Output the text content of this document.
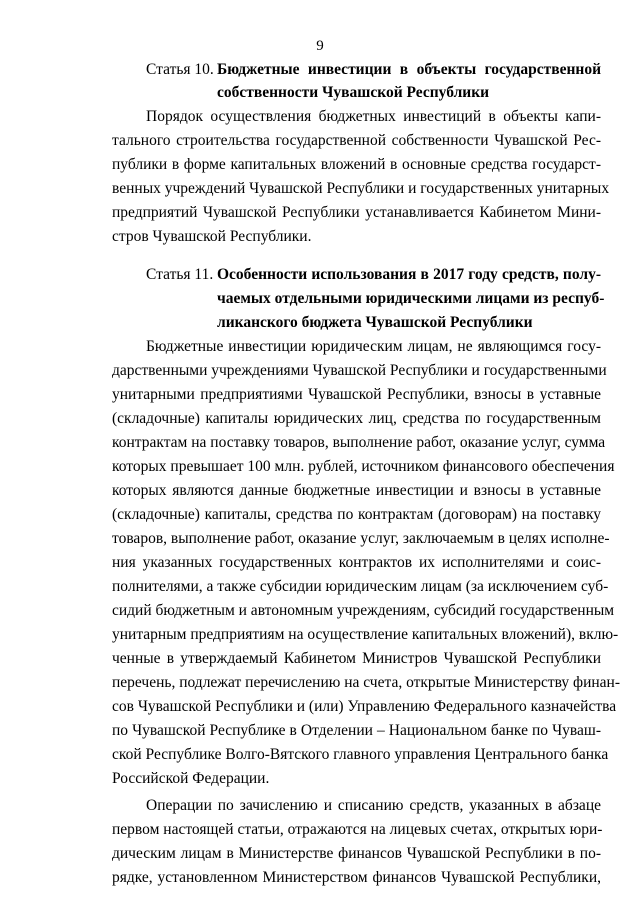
9
Статья 10. Бюджетные инвестиции в объекты государственной
собственности Чувашской Республики
Порядок осуществления бюджетных инвестиций в объекты капи-
тального строительства государственной собственности Чувашской Рес-
публики в форме капитальных вложений в основные средства государст-
венных учреждений Чувашской Республики и государственных унитарных
предприятий Чувашской Республики устанавливается Кабинетом Мини-
стров Чувашской Республики.
Статья 11. Особенности использования в 2017 году средств, полу-
чаемых отдельными юридическими лицами из респуб-
ликанского бюджета Чувашской Республики
Бюджетные инвестиции юридическим лицам, не являющимся госу-
дарственными учреждениями Чувашской Республики и государственными
унитарными предприятиями Чувашской Республики, взносы в уставные
(складочные) капиталы юридических лиц, средства по государственным
контрактам на поставку товаров, выполнение работ, оказание услуг, сумма
которых превышает 100 млн. рублей, источником финансового обеспечения
которых являются данные бюджетные инвестиции и взносы в уставные
(складочные) капиталы, средства по контрактам (договорам) на поставку
товаров, выполнение работ, оказание услуг, заключаемым в целях исполне-
ния указанных государственных контрактов их исполнителями и соис-
полнителями, а также субсидии юридическим лицам (за исключением суб-
сидий бюджетным и автономным учреждениям, субсидий государственным
унитарным предприятиям на осуществление капитальных вложений), вклю-
ченные в утверждаемый Кабинетом Министров Чувашской Республики
перечень, подлежат перечислению на счета, открытые Министерству финан-
сов Чувашской Республики и (или) Управлению Федерального казначейства
по Чувашской Республике в Отделении – Национальном банке по Чуваш-
ской Республике Волго-Вятского главного управления Центрального банка
Российской Федерации.
Операции по зачислению и списанию средств, указанных в абзаце
первом настоящей статьи, отражаются на лицевых счетах, открытых юри-
дическим лицам в Министерстве финансов Чувашской Республики в по-
рядке, установленном Министерством финансов Чувашской Республики,
